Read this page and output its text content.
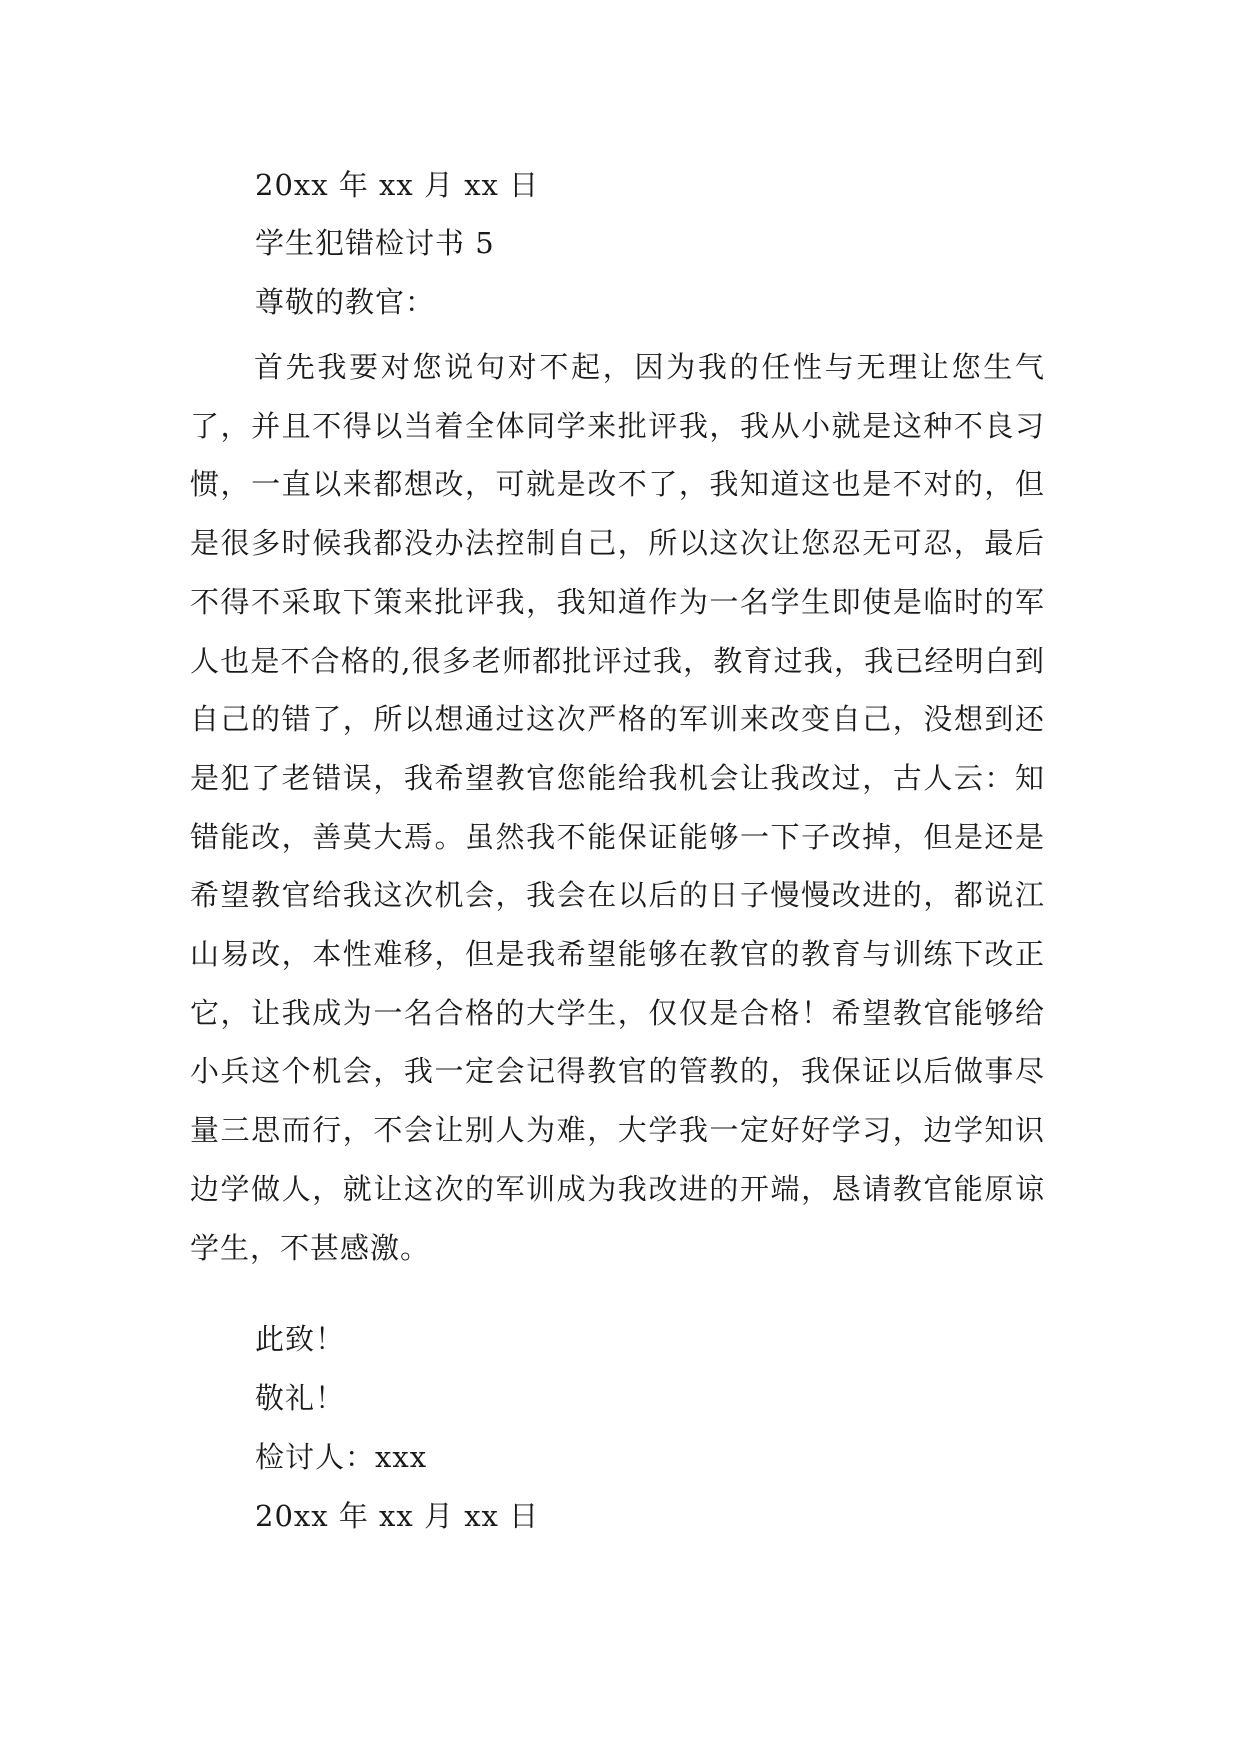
20xx 年 xx 月 xx 日
学生犯错检讨书 5
尊敬的教官：

首先我要对您说句对不起，因为我的任性与无理让您生气了，并且不得以当着全体同学来批评我，我从小就是这种不良习惯，一直以来都想改，可就是改不了，我知道这也是不对的，但是很多时候我都没办法控制自己，所以这次让您忍无可忍，最后不得不采取下策来批评我，我知道作为一名学生即使是临时的军人也是不合格的,很多老师都批评过我，教育过我，我已经明白到自己的错了，所以想通过这次严格的军训来改变自己，没想到还是犯了老错误，我希望教官您能给我机会让我改过，古人云：知错能改，善莫大焉。虽然我不能保证能够一下子改掉，但是还是希望教官给我这次机会，我会在以后的日子慢慢改进的，都说江山易改，本性难移，但是我希望能够在教官的教育与训练下改正它，让我成为一名合格的大学生，仅仅是合格！希望教官能够给小兵这个机会，我一定会记得教官的管教的，我保证以后做事尽量三思而行，不会让别人为难，大学我一定好好学习，边学知识边学做人，就让这次的军训成为我改进的开端，恳请教官能原谅学生，不甚感激。

此致！
敬礼！
检讨人：xxx
20xx 年 xx 月 xx 日
